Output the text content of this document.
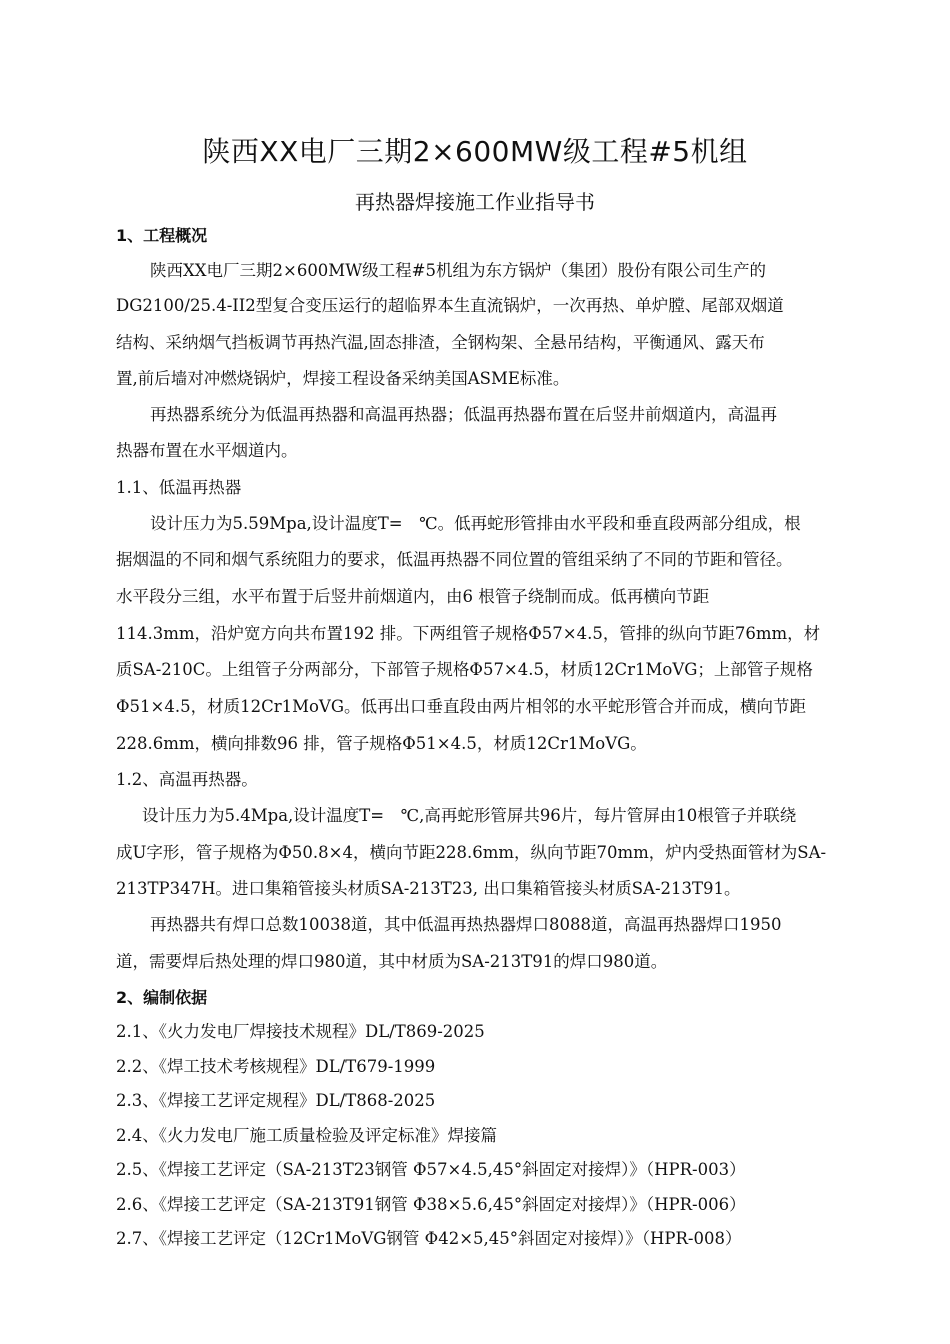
陕西XX电厂三期2×600MW级工程#5机组
再热器焊接施工作业指导书
1、工程概况
陕西XX电厂三期2×600MW级工程#5机组为东方锅炉（集团）股份有限公司生产的
DG2100/25.4-II2型复合变压运行的超临界本生直流锅炉，一次再热、单炉膛、尾部双烟道
结构、采纳烟气挡板调节再热汽温,固态排渣，全钢构架、全悬吊结构，平衡通风、露天布
置,前后墙对冲燃烧锅炉，焊接工程设备采纳美国ASME标准。
再热器系统分为低温再热器和高温再热器；低温再热器布置在后竖井前烟道内，高温再
热器布置在水平烟道内。
1.1、低温再热器
设计压力为5.59Mpa,设计温度T=　℃。低再蛇形管排由水平段和垂直段两部分组成，根
据烟温的不同和烟气系统阻力的要求，低温再热器不同位置的管组采纳了不同的节距和管径。
水平段分三组，水平布置于后竖井前烟道内，由6 根管子绕制而成。低再横向节距
114.3mm，沿炉宽方向共布置192 排。下两组管子规格Φ57×4.5，管排的纵向节距76mm，材
质SA-210C。上组管子分两部分，下部管子规格Φ57×4.5，材质12Cr1MoVG；上部管子规格
Φ51×4.5，材质12Cr1MoVG。低再出口垂直段由两片相邻的水平蛇形管合并而成，横向节距
228.6mm，横向排数96 排，管子规格Φ51×4.5，材质12Cr1MoVG。
1.2、高温再热器。
设计压力为5.4Mpa,设计温度T=　℃,高再蛇形管屏共96片，每片管屏由10根管子并联绕
成U字形，管子规格为Φ50.8×4，横向节距228.6mm，纵向节距70mm，炉内受热面管材为SA-
213TP347H。进口集箱管接头材质SA-213T23, 出口集箱管接头材质SA-213T91。
再热器共有焊口总数10038道，其中低温再热热器焊口8088道，高温再热器焊口1950
道，需要焊后热处理的焊口980道，其中材质为SA-213T91的焊口980道。
2、编制依据
2.1、《火力发电厂焊接技术规程》DL/T869-2025
2.2、《焊工技术考核规程》DL/T679-1999
2.3、《焊接工艺评定规程》DL/T868-2025
2.4、《火力发电厂施工质量检验及评定标准》焊接篇
2.5、《焊接工艺评定（SA-213T23钢管 Φ57×4.5,45°斜固定对接焊）》（HPR-003）
2.6、《焊接工艺评定（SA-213T91钢管 Φ38×5.6,45°斜固定对接焊）》（HPR-006）
2.7、《焊接工艺评定（12Cr1MoVG钢管 Φ42×5,45°斜固定对接焊）》（HPR-008）
